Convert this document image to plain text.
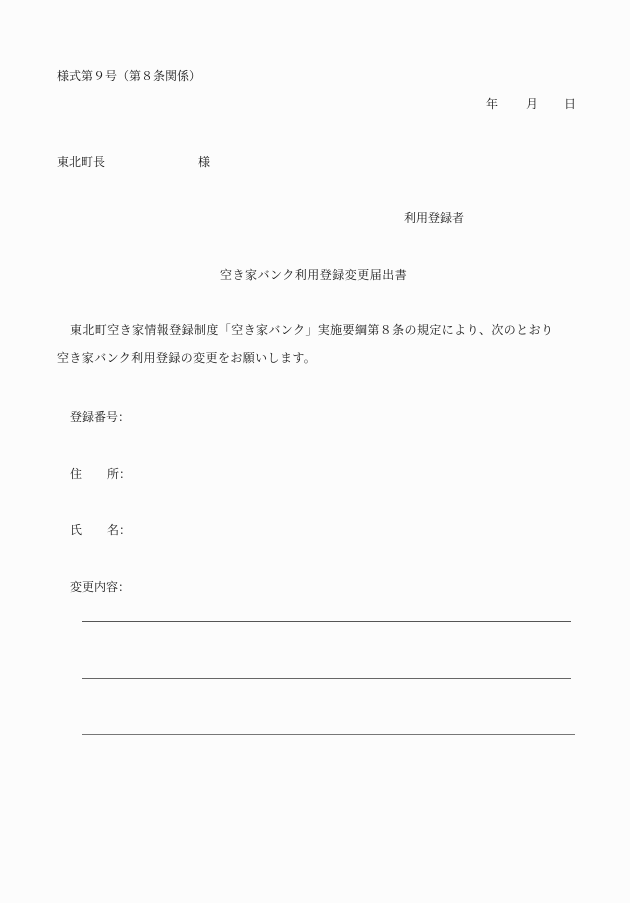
様式第９号（第８条関係）
年 月 日
東北町長	様
利用登録者
空き家バンク利用登録変更届出書
東北町空き家情報登録制度「空き家バンク」実施要綱第８条の規定により、次のとおり
空き家バンク利用登録の変更をお願いします。
登録番号：
住 所：
氏 名：
変更内容：
